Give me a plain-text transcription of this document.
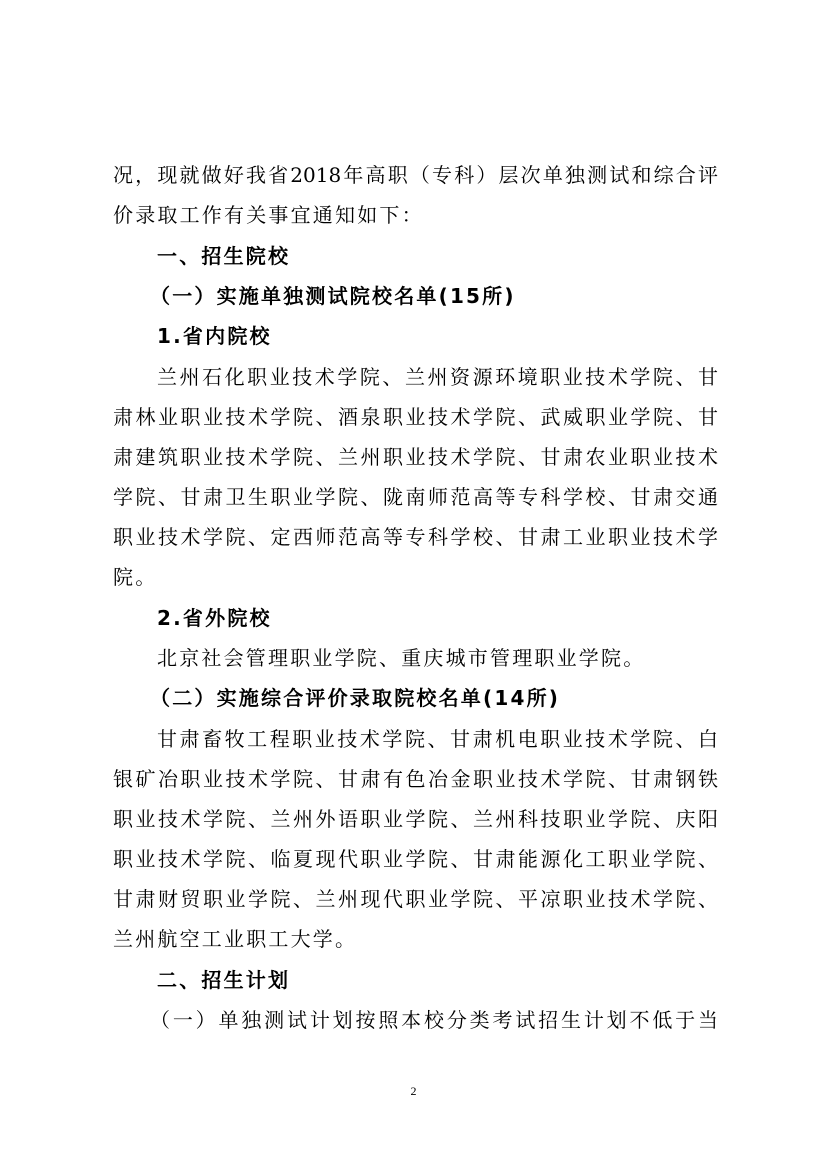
况，现就做好我省2018年高职（专科）层次单独测试和综合评
价录取工作有关事宜通知如下：
一、招生院校
（一）实施单独测试院校名单(15所)
1.省内院校
兰州石化职业技术学院、兰州资源环境职业技术学院、甘
肃林业职业技术学院、酒泉职业技术学院、武威职业学院、甘
肃建筑职业技术学院、兰州职业技术学院、甘肃农业职业技术
学院、甘肃卫生职业学院、陇南师范高等专科学校、甘肃交通
职业技术学院、定西师范高等专科学校、甘肃工业职业技术学
院。
2.省外院校
北京社会管理职业学院、重庆城市管理职业学院。
（二）实施综合评价录取院校名单(14所)
甘肃畜牧工程职业技术学院、甘肃机电职业技术学院、白
银矿冶职业技术学院、甘肃有色冶金职业技术学院、甘肃钢铁
职业技术学院、兰州外语职业学院、兰州科技职业学院、庆阳
职业技术学院、临夏现代职业学院、甘肃能源化工职业学院、
甘肃财贸职业学院、兰州现代职业学院、平凉职业技术学院、
兰州航空工业职工大学。
二、招生计划
（一）单独测试计划按照本校分类考试招生计划不低于当
2
